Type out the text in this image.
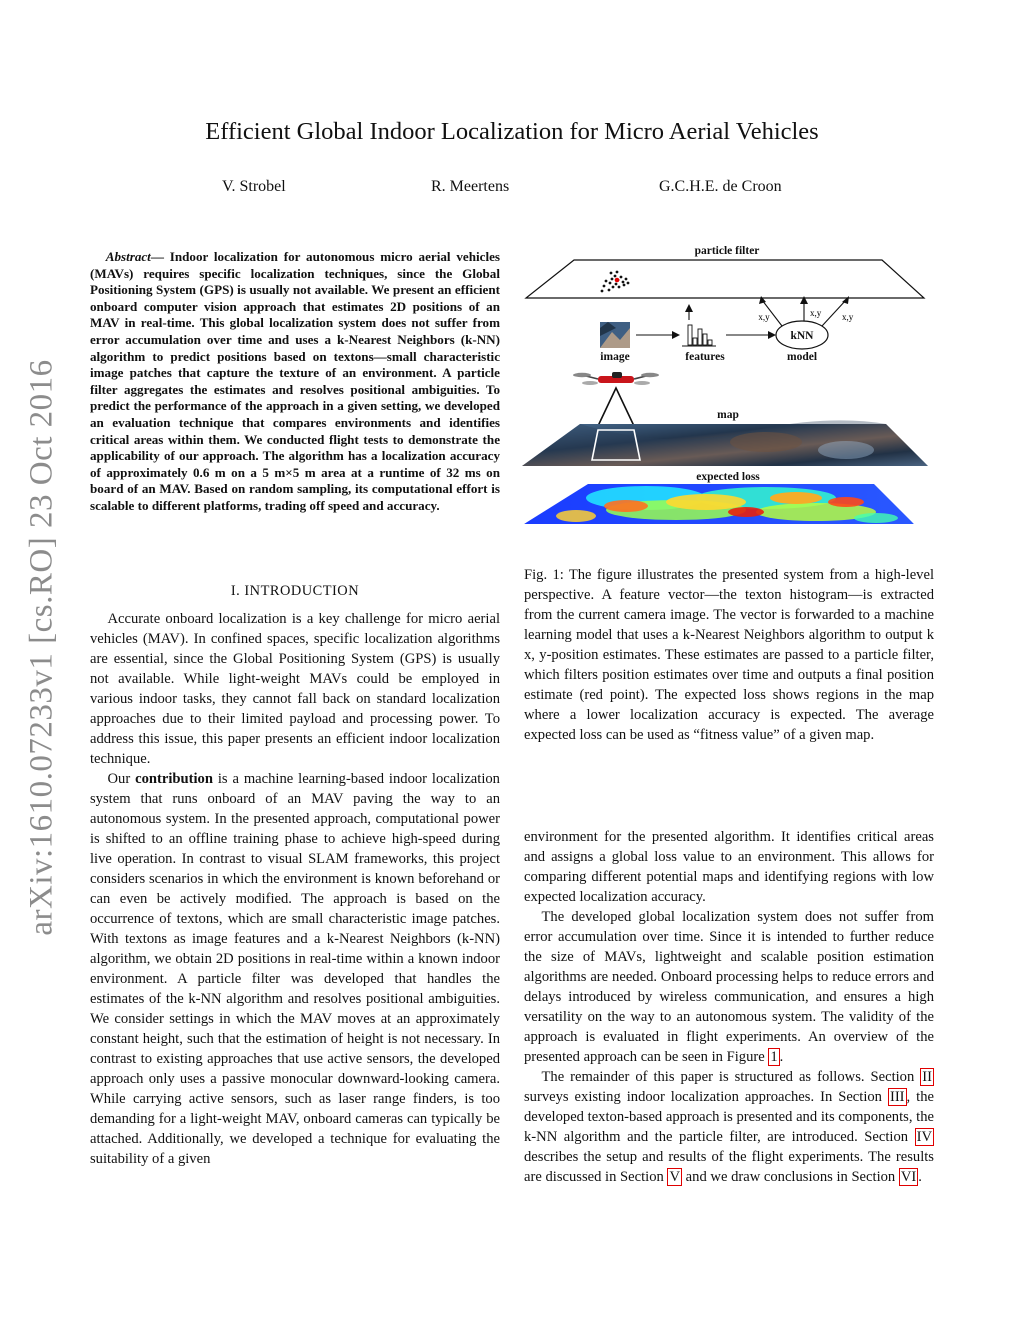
arXiv:1610.07233v1 [cs.RO] 23 Oct 2016
Efficient Global Indoor Localization for Micro Aerial Vehicles
V. Strobel	R. Meertens	G.C.H.E. de Croon

Abstract— Indoor localization for autonomous micro aerial vehicles (MAVs) requires specific localization techniques, since the Global Positioning System (GPS) is usually not available. We present an efficient onboard computer vision approach that estimates 2D positions of an MAV in real-time. This global localization system does not suffer from error accumulation over time and uses a k-Nearest Neighbors (k-NN) algorithm to predict positions based on textons—small characteristic image patches that capture the texture of an environment. A particle filter aggregates the estimates and resolves positional ambiguities. To predict the performance of the approach in a given setting, we developed an evaluation technique that compares environments and identifies critical areas within them. We conducted flight tests to demonstrate the applicability of our approach. The algorithm has a localization accuracy of approximately 0.6 m on a 5 m×5 m area at a runtime of 32 ms on board of an MAV. Based on random sampling, its computational effort is scalable to different platforms, trading off speed and accuracy.

I. INTRODUCTION

Accurate onboard localization is a key challenge for micro aerial vehicles (MAV). In confined spaces, specific localization algorithms are essential, since the Global Positioning System (GPS) is usually not available. While light-weight MAVs could be employed in various indoor tasks, they cannot fall back on standard localization approaches due to their limited payload and processing power. To address this issue, this paper presents an efficient indoor localization technique.

Our contribution is a machine learning-based indoor localization system that runs onboard of an MAV paving the way to an autonomous system. In the presented approach, computational power is shifted to an offline training phase to achieve high-speed during live operation. In contrast to visual SLAM frameworks, this project considers scenarios in which the environment is known beforehand or can even be actively modified. The approach is based on the occurrence of textons, which are small characteristic image patches. With textons as image features and a k-Nearest Neighbors (k-NN) algorithm, we obtain 2D positions in real-time within a known indoor environment. A particle filter was developed that handles the estimates of the k-NN algorithm and resolves positional ambiguities. We consider settings in which the MAV moves at an approximately constant height, such that the estimation of height is not necessary. In contrast to existing approaches that use active sensors, the developed approach only uses a passive monocular downward-looking camera. While carrying active sensors, such as laser range finders, is too demanding for a light-weight MAV, onboard cameras can typically be attached. Additionally, we developed a technique for evaluating the suitability of a given

particle filter
image	features
kNN
model
x,y	x,y x,y
map
expected loss

Fig. 1: The figure illustrates the presented system from a high-level perspective. A feature vector—the texton histogram—is extracted from the current camera image. The vector is forwarded to a machine learning model that uses a k-Nearest Neighbors algorithm to output k x, y-position estimates. These estimates are passed to a particle filter, which filters position estimates over time and outputs a final position estimate (red point). The expected loss shows regions in the map where a lower localization accuracy is expected. The average expected loss can be used as “fitness value” of a given map.

environment for the presented algorithm. It identifies critical areas and assigns a global loss value to an environment. This allows for comparing different potential maps and identifying regions with low expected localization accuracy.

The developed global localization system does not suffer from error accumulation over time. Since it is intended to further reduce the size of MAVs, lightweight and scalable position estimation algorithms are needed. Onboard processing helps to reduce errors and delays introduced by wireless communication, and ensures a high versatility on the way to an autonomous system. The validity of the approach is evaluated in flight experiments. An overview of the presented approach can be seen in Figure 1 .

The remainder of this paper is structured as follows. Section II surveys existing indoor localization approaches. In Section III , the developed texton-based approach is presented and its components, the k-NN algorithm and the particle filter, are introduced. Section IV describes the setup and results of the flight experiments. The results are discussed in Section V and we draw conclusions in Section VI .
